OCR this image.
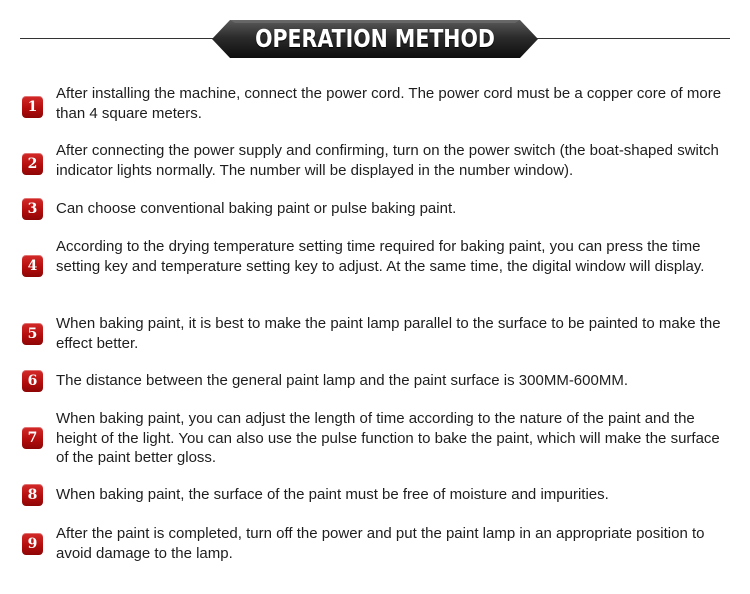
OPERATION METHOD
1
After installing the machine, connect the power cord. The power cord must be a copper core of more than 4 square meters.
2
After connecting the power supply and confirming, turn on the power switch (the boat-shaped switch indicator lights normally. The number will be displayed in the number window).
3	Can choose conventional baking paint or pulse baking paint.
4
According to the drying temperature setting time required for baking paint, you can press the time setting key and temperature setting key to adjust. At the same time, the digital window will display.
5
When baking paint, it is best to make the paint lamp parallel to the surface to be painted to make the effect better.
6	The distance between the general paint lamp and the paint surface is 300MM-600MM.
7
When baking paint, you can adjust the length of time according to the nature of the paint and the height of the light. You can also use the pulse function to bake the paint, which will make the surface of the paint better gloss.
8	When baking paint, the surface of the paint must be free of moisture and impurities.
9
After the paint is completed, turn off the power and put the paint lamp in an appropriate position to avoid damage to the lamp.
